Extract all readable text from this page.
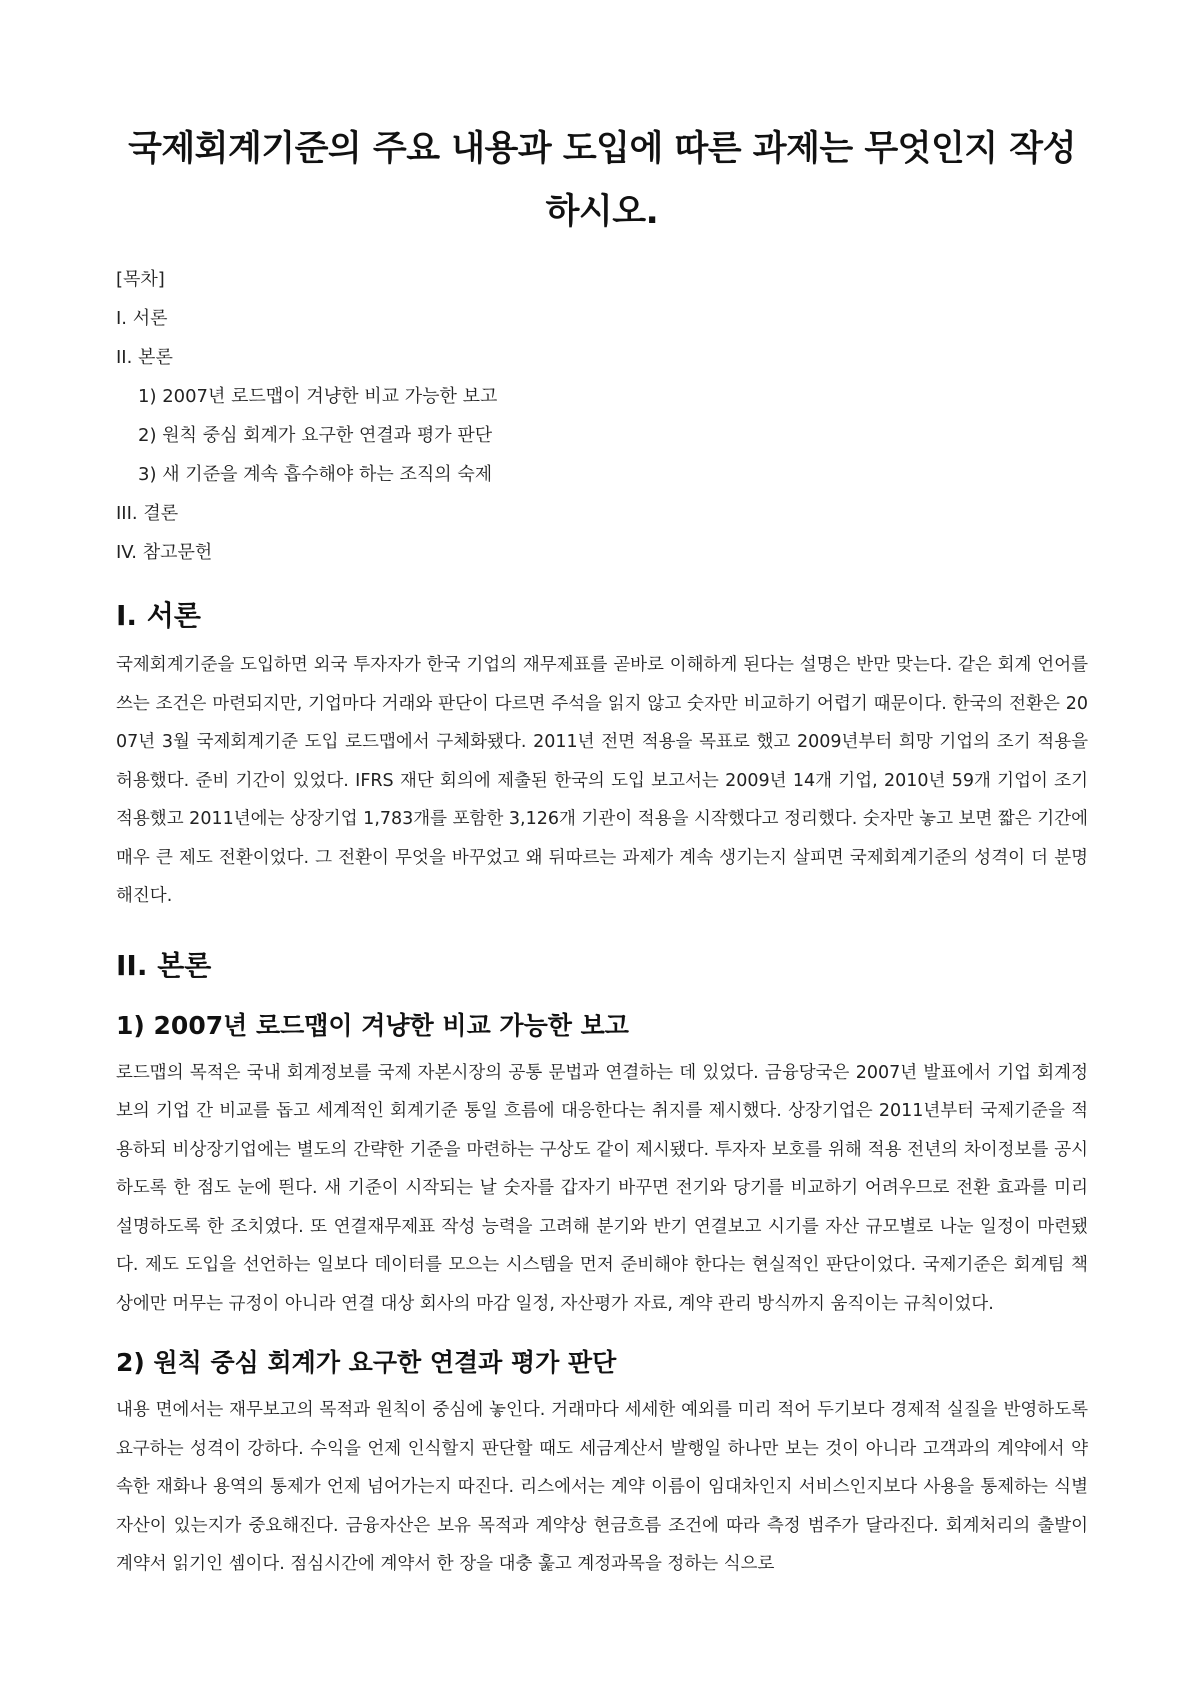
국제회계기준의 주요 내용과 도입에 따른 과제는 무엇인지 작성하시오.
[목차]
I. 서론
II. 본론
1) 2007년 로드맵이 겨냥한 비교 가능한 보고
2) 원칙 중심 회계가 요구한 연결과 평가 판단
3) 새 기준을 계속 흡수해야 하는 조직의 숙제
III. 결론
IV. 참고문헌
I. 서론

국제회계기준을 도입하면 외국 투자자가 한국 기업의 재무제표를 곧바로 이해하게 된다는 설명은 반만 맞는다. 같은 회계 언어를 쓰는 조건은 마련되지만, 기업마다 거래와 판단이 다르면 주석을 읽지 않고 숫자만 비교하기 어렵기 때문이다. 한국의 전환은 2007년 3월 국제회계기준 도입 로드맵에서 구체화됐다. 2011년 전면 적용을 목표로 했고 2009년부터 희망 기업의 조기 적용을 허용했다. 준비 기간이 있었다. IFRS 재단 회의에 제출된 한국의 도입 보고서는 2009년 14개 기업, 2010년 59개 기업이 조기 적용했고 2011년에는 상장기업 1,783개를 포함한 3,126개 기관이 적용을 시작했다고 정리했다. 숫자만 놓고 보면 짧은 기간에 매우 큰 제도 전환이었다. 그 전환이 무엇을 바꾸었고 왜 뒤따르는 과제가 계속 생기는지 살피면 국제회계기준의 성격이 더 분명해진다.

II. 본론
1) 2007년 로드맵이 겨냥한 비교 가능한 보고

로드맵의 목적은 국내 회계정보를 국제 자본시장의 공통 문법과 연결하는 데 있었다. 금융당국은 2007년 발표에서 기업 회계정보의 기업 간 비교를 돕고 세계적인 회계기준 통일 흐름에 대응한다는 취지를 제시했다. 상장기업은 2011년부터 국제기준을 적용하되 비상장기업에는 별도의 간략한 기준을 마련하는 구상도 같이 제시됐다. 투자자 보호를 위해 적용 전년의 차이정보를 공시하도록 한 점도 눈에 띈다. 새 기준이 시작되는 날 숫자를 갑자기 바꾸면 전기와 당기를 비교하기 어려우므로 전환 효과를 미리 설명하도록 한 조치였다. 또 연결재무제표 작성 능력을 고려해 분기와 반기 연결보고 시기를 자산 규모별로 나눈 일정이 마련됐다. 제도 도입을 선언하는 일보다 데이터를 모으는 시스템을 먼저 준비해야 한다는 현실적인 판단이었다. 국제기준은 회계팀 책상에만 머무는 규정이 아니라 연결 대상 회사의 마감 일정, 자산평가 자료, 계약 관리 방식까지 움직이는 규칙이었다.

2) 원칙 중심 회계가 요구한 연결과 평가 판단

내용 면에서는 재무보고의 목적과 원칙이 중심에 놓인다. 거래마다 세세한 예외를 미리 적어 두기보다 경제적 실질을 반영하도록 요구하는 성격이 강하다. 수익을 언제 인식할지 판단할 때도 세금계산서 발행일 하나만 보는 것이 아니라 고객과의 계약에서 약속한 재화나 용역의 통제가 언제 넘어가는지 따진다. 리스에서는 계약 이름이 임대차인지 서비스인지보다 사용을 통제하는 식별 자산이 있는지가 중요해진다. 금융자산은 보유 목적과 계약상 현금흐름 조건에 따라 측정 범주가 달라진다. 회계처리의 출발이 계약서 읽기인 셈이다. 점심시간에 계약서 한 장을 대충 훑고 계정과목을 정하는 식으로
